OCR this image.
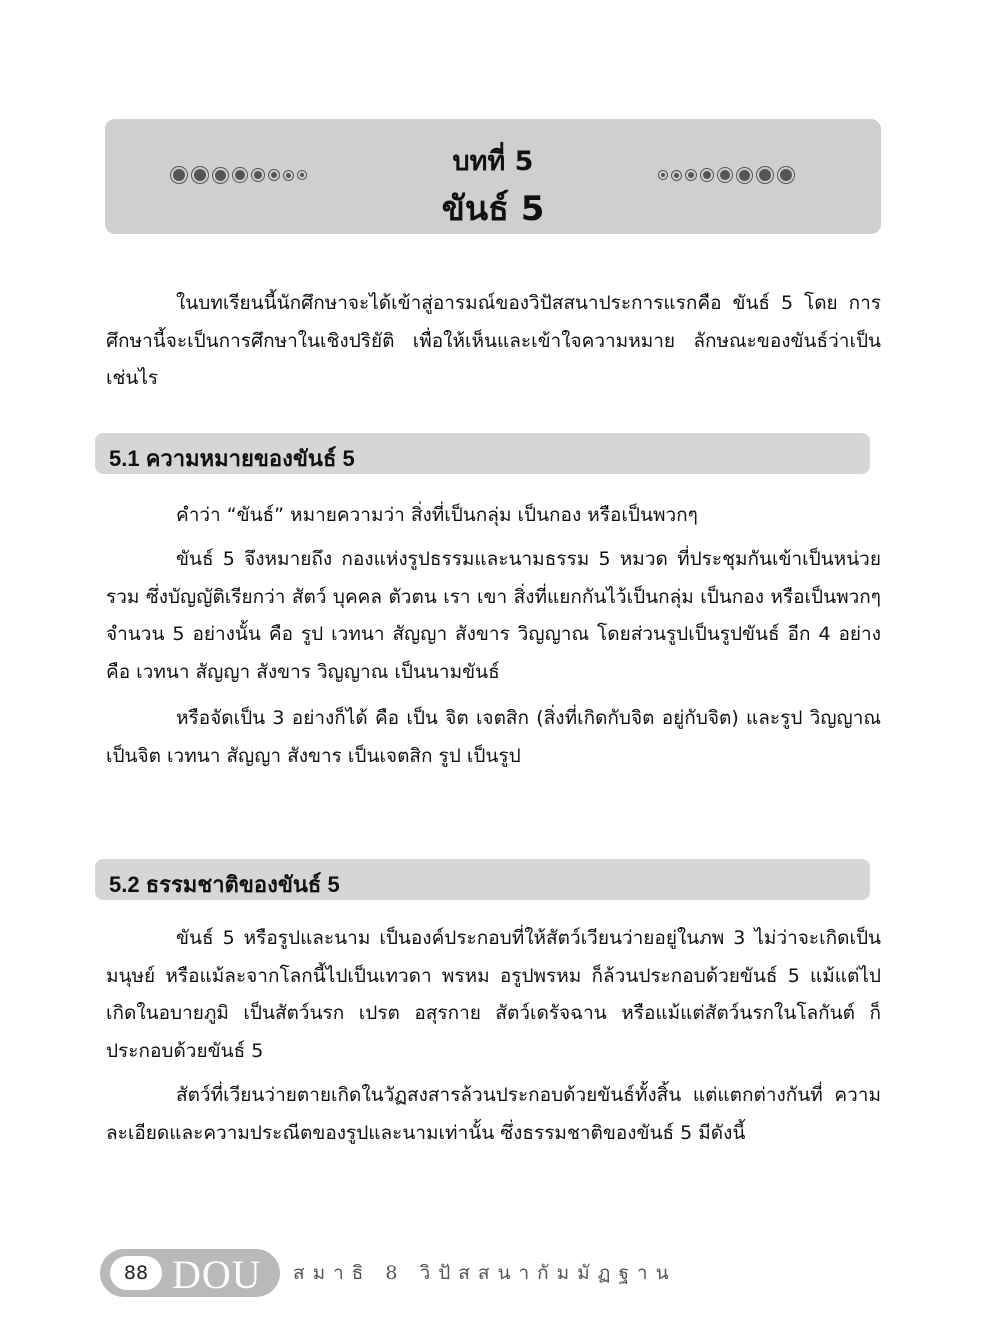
บทที่ 5
ขันธ์ 5

ในบทเรียนนี้นักศึกษาจะได้เข้าสู่อารมณ์ของวิปัสสนาประการแรกคือ ขันธ์ 5 โดย การศึกษานี้จะเป็นการศึกษาในเชิงปริยัติ เพื่อให้เห็นและเข้าใจความหมาย ลักษณะของขันธ์ว่าเป็นเช่นไร

5.1 ความหมายของขันธ์ 5

คำว่า “ขันธ์” หมายความว่า สิ่งที่เป็นกลุ่ม เป็นกอง หรือเป็นพวกๆ

ขันธ์ 5 จึงหมายถึง กองแห่งรูปธรรมและนามธรรม 5 หมวด ที่ประชุมกันเข้าเป็นหน่วยรวม ซึ่งบัญญัติเรียกว่า สัตว์ บุคคล ตัวตน เรา เขา สิ่งที่แยกกันไว้เป็นกลุ่ม เป็นกอง หรือเป็นพวกๆ จำนวน 5 อย่างนั้น คือ รูป เวทนา สัญญา สังขาร วิญญาณ โดยส่วนรูปเป็นรูปขันธ์ อีก 4 อย่าง คือ เวทนา สัญญา สังขาร วิญญาณ เป็นนามขันธ์

หรือจัดเป็น 3 อย่างก็ได้ คือ เป็น จิต เจตสิก (สิ่งที่เกิดกับจิต อยู่กับจิต) และรูป วิญญาณ เป็นจิต เวทนา สัญญา สังขาร เป็นเจตสิก รูป เป็นรูป

5.2 ธรรมชาติของขันธ์ 5

ขันธ์ 5 หรือรูปและนาม เป็นองค์ประกอบที่ให้สัตว์เวียนว่ายอยู่ในภพ 3 ไม่ว่าจะเกิดเป็นมนุษย์ หรือแม้ละจากโลกนี้ไปเป็นเทวดา พรหม อรูปพรหม ก็ล้วนประกอบด้วยขันธ์ 5 แม้แต่ไปเกิดในอบายภูมิ เป็นสัตว์นรก เปรต อสุรกาย สัตว์เดรัจฉาน หรือแม้แต่สัตว์นรกในโลกันต์ ก็ประกอบด้วยขันธ์ 5

สัตว์ที่เวียนว่ายตายเกิดในวัฏสงสารล้วนประกอบด้วยขันธ์ทั้งสิ้น แต่แตกต่างกันที่ ความละเอียดและความประณีตของรูปและนามเท่านั้น ซึ่งธรรมชาติของขันธ์ 5 มีดังนี้

88 DOU สมาธิ 8 วิปัสสนากัมมัฏฐาน
